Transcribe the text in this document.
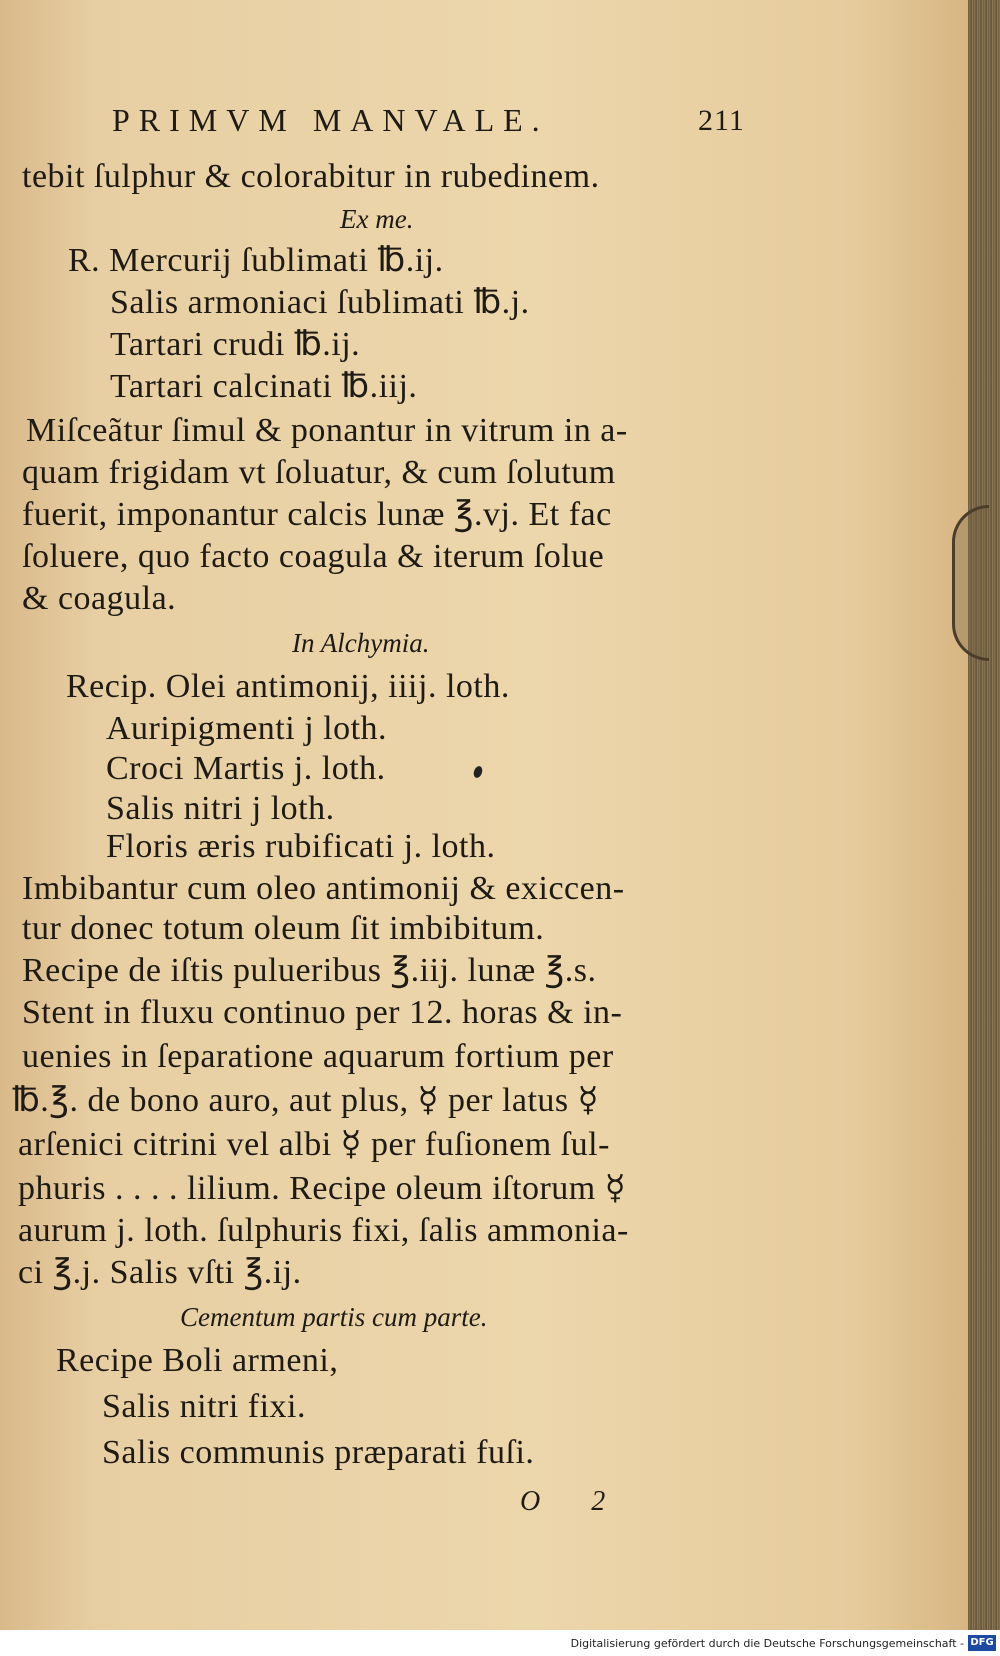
PRIMVM MANVALE.	211
tebit ſulphur & colorabitur in rubedinem.
Ex me.
R. Mercurij ſublimati ℔.ij.
Salis armoniaci ſublimati ℔.j.
Tartari crudi ℔.ij.
Tartari calcinati ℔.iij.
Miſceãtur ſimul & ponantur in vitrum in a-
quam frigidam vt ſoluatur, & cum ſolutum
fuerit, imponantur calcis lunæ ℥.vj. Et fac
ſoluere, quo facto coagula & iterum ſolue
& coagula.
In Alchymia.
Recip. Olei antimonij, iiij. loth.
Auripigmenti j loth.
Croci Martis j. loth.
Salis nitri j loth.
Floris æris rubificati j. loth.
Imbibantur cum oleo antimonij & exiccen-
tur donec totum oleum ſit imbibitum.
Recipe de iſtis pulueribus ℥.iij. lunæ ℥.s.
Stent in fluxu continuo per 12. horas & in-
uenies in ſeparatione aquarum fortium per
℔.℥. de bono auro, aut plus, ☿ per latus ☿
arſenici citrini vel albi ☿ per fuſionem ſul-
phuris . . . . lilium. Recipe oleum iſtorum ☿
aurum j. loth. ſulphuris fixi, ſalis ammonia-
ci ℥.j. Salis vſti ℥.ij.
Cementum partis cum parte.
Recipe Boli armeni,
Salis nitri fixi.
Salis communis præparati fuſi.
O 2
Digitalisierung gefördert durch die Deutsche Forschungsgemeinschaft - DFG
